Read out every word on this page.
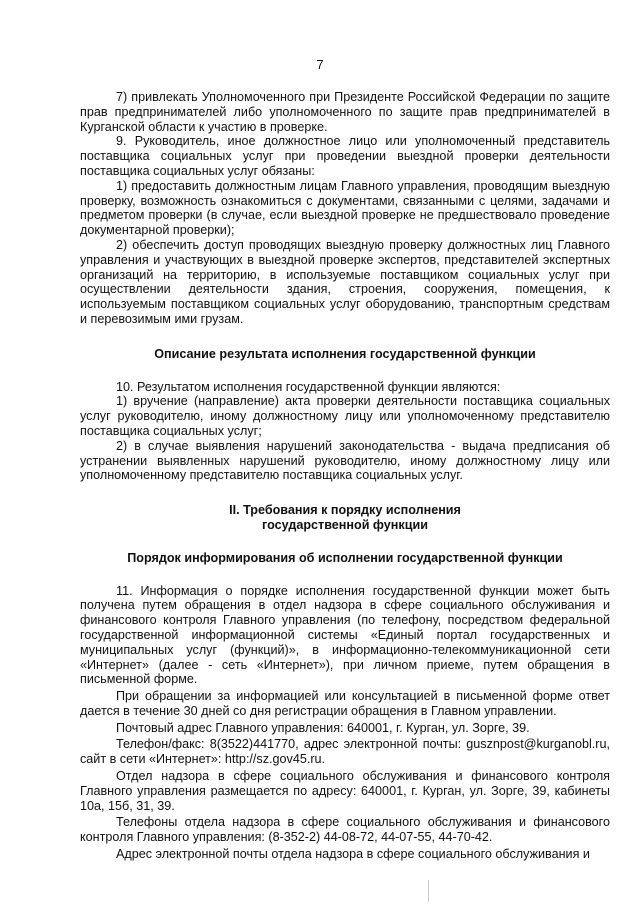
7

7) привлекать Уполномоченного при Президенте Российской Федерации по защите прав предпринимателей либо уполномоченного по защите прав предпринимателей в Курганской области к участию в проверке.

9. Руководитель, иное должностное лицо или уполномоченный представитель поставщика социальных услуг при проведении выездной проверки деятельности поставщика социальных услуг обязаны:

1) предоставить должностным лицам Главного управления, проводящим выездную проверку, возможность ознакомиться с документами, связанными с целями, задачами и предметом проверки (в случае, если выездной проверке не предшествовало проведение документарной проверки);

2) обеспечить доступ проводящих выездную проверку должностных лиц Главного управления и участвующих в выездной проверке экспертов, представителей экспертных организаций на территорию, в используемые поставщиком социальных услуг при осуществлении деятельности здания, строения, сооружения, помещения, к используемым поставщиком социальных услуг оборудованию, транспортным средствам и перевозимым ими грузам.

Описание результата исполнения государственной функции

10. Результатом исполнения государственной функции являются:

1) вручение (направление) акта проверки деятельности поставщика социальных услуг руководителю, иному должностному лицу или уполномоченному представителю поставщика социальных услуг;

2) в случае выявления нарушений законодательства - выдача предписания об устранении выявленных нарушений руководителю, иному должностному лицу или уполномоченному представителю поставщика социальных услуг.

II. Требования к порядку исполнения

государственной функции

Порядок информирования об исполнении государственной функции

11. Информация о порядке исполнения государственной функции может быть получена путем обращения в отдел надзора в сфере социального обслуживания и финансового контроля Главного управления (по телефону, посредством федеральной государственной информационной системы «Единый портал государственных и муниципальных услуг (функций)», в информационно-телекоммуникационной сети «Интернет» (далее - сеть «Интернет»), при личном приеме, путем обращения в письменной форме.

При обращении за информацией или консультацией в письменной форме ответ дается в течение 30 дней со дня регистрации обращения в Главном управлении.

Почтовый адрес Главного управления: 640001, г. Курган, ул. Зорге, 39.

Телефон/факс: 8(3522)441770, адрес электронной почты: gusznpost@kurganobl.ru, сайт в сети «Интернет»: http://sz.gov45.ru.

Отдел надзора в сфере социального обслуживания и финансового контроля Главного управления размещается по адресу: 640001, г. Курган, ул. Зорге, 39, кабинеты 10а, 15б, 31, 39.

Телефоны отдела надзора в сфере социального обслуживания и финансового контроля Главного управления: (8-352-2) 44-08-72, 44-07-55, 44-70-42.

Адрес электронной почты отдела надзора в сфере социального обслуживания и
